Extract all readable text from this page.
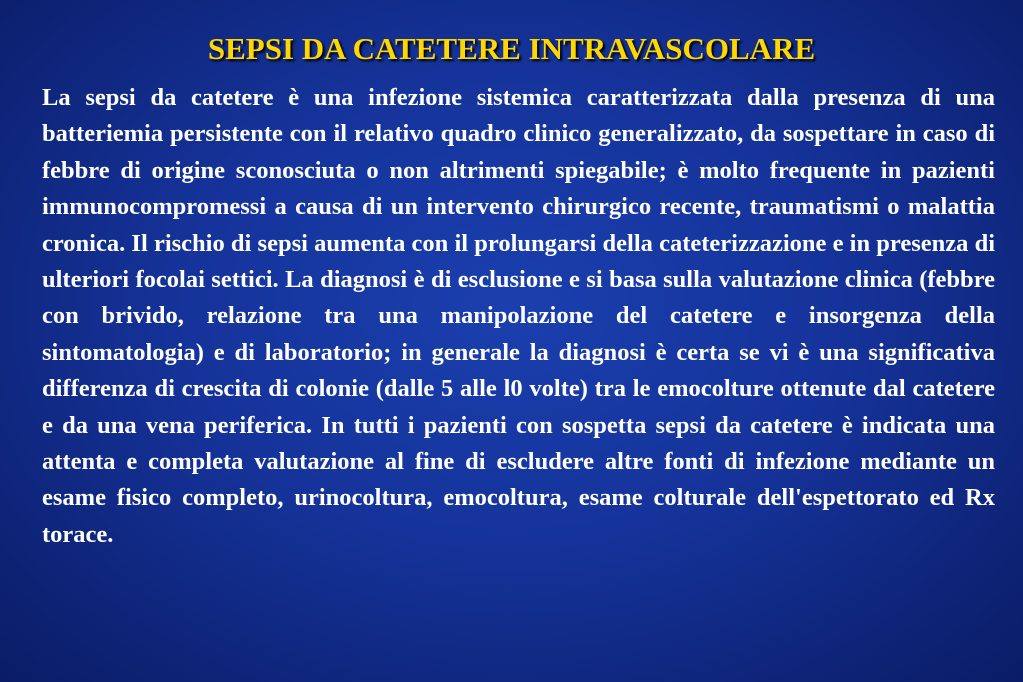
SEPSI DA CATETERE INTRAVASCOLARE

La sepsi da catetere è una infezione sistemica caratterizzata dalla presenza di una batteriemia persistente con il relativo quadro clinico generalizzato, da sospettare in caso di febbre di origine sconosciuta o non altrimenti spiegabile; è molto frequente in pazienti immunocompromessi a causa di un intervento chirurgico recente, traumatismi o malattia cronica. Il rischio di sepsi aumenta con il prolungarsi della cateterizzazione e in presenza di ulteriori focolai settici. La diagnosi è di esclusione e si basa sulla valutazione clinica (febbre con brivido, relazione tra una manipolazione del catetere e insorgenza della sintomatologia) e di laboratorio; in generale la diagnosi è certa se vi è una significativa differenza di crescita di colonie (dalle 5 alle l0 volte) tra le emocolture ottenute dal catetere e da una vena periferica. In tutti i pazienti con sospetta sepsi da catetere è indicata una attenta e completa valutazione al fine di escludere altre fonti di infezione mediante un esame fisico completo, urinocoltura, emocoltura, esame colturale dell'espettorato ed Rx torace.
